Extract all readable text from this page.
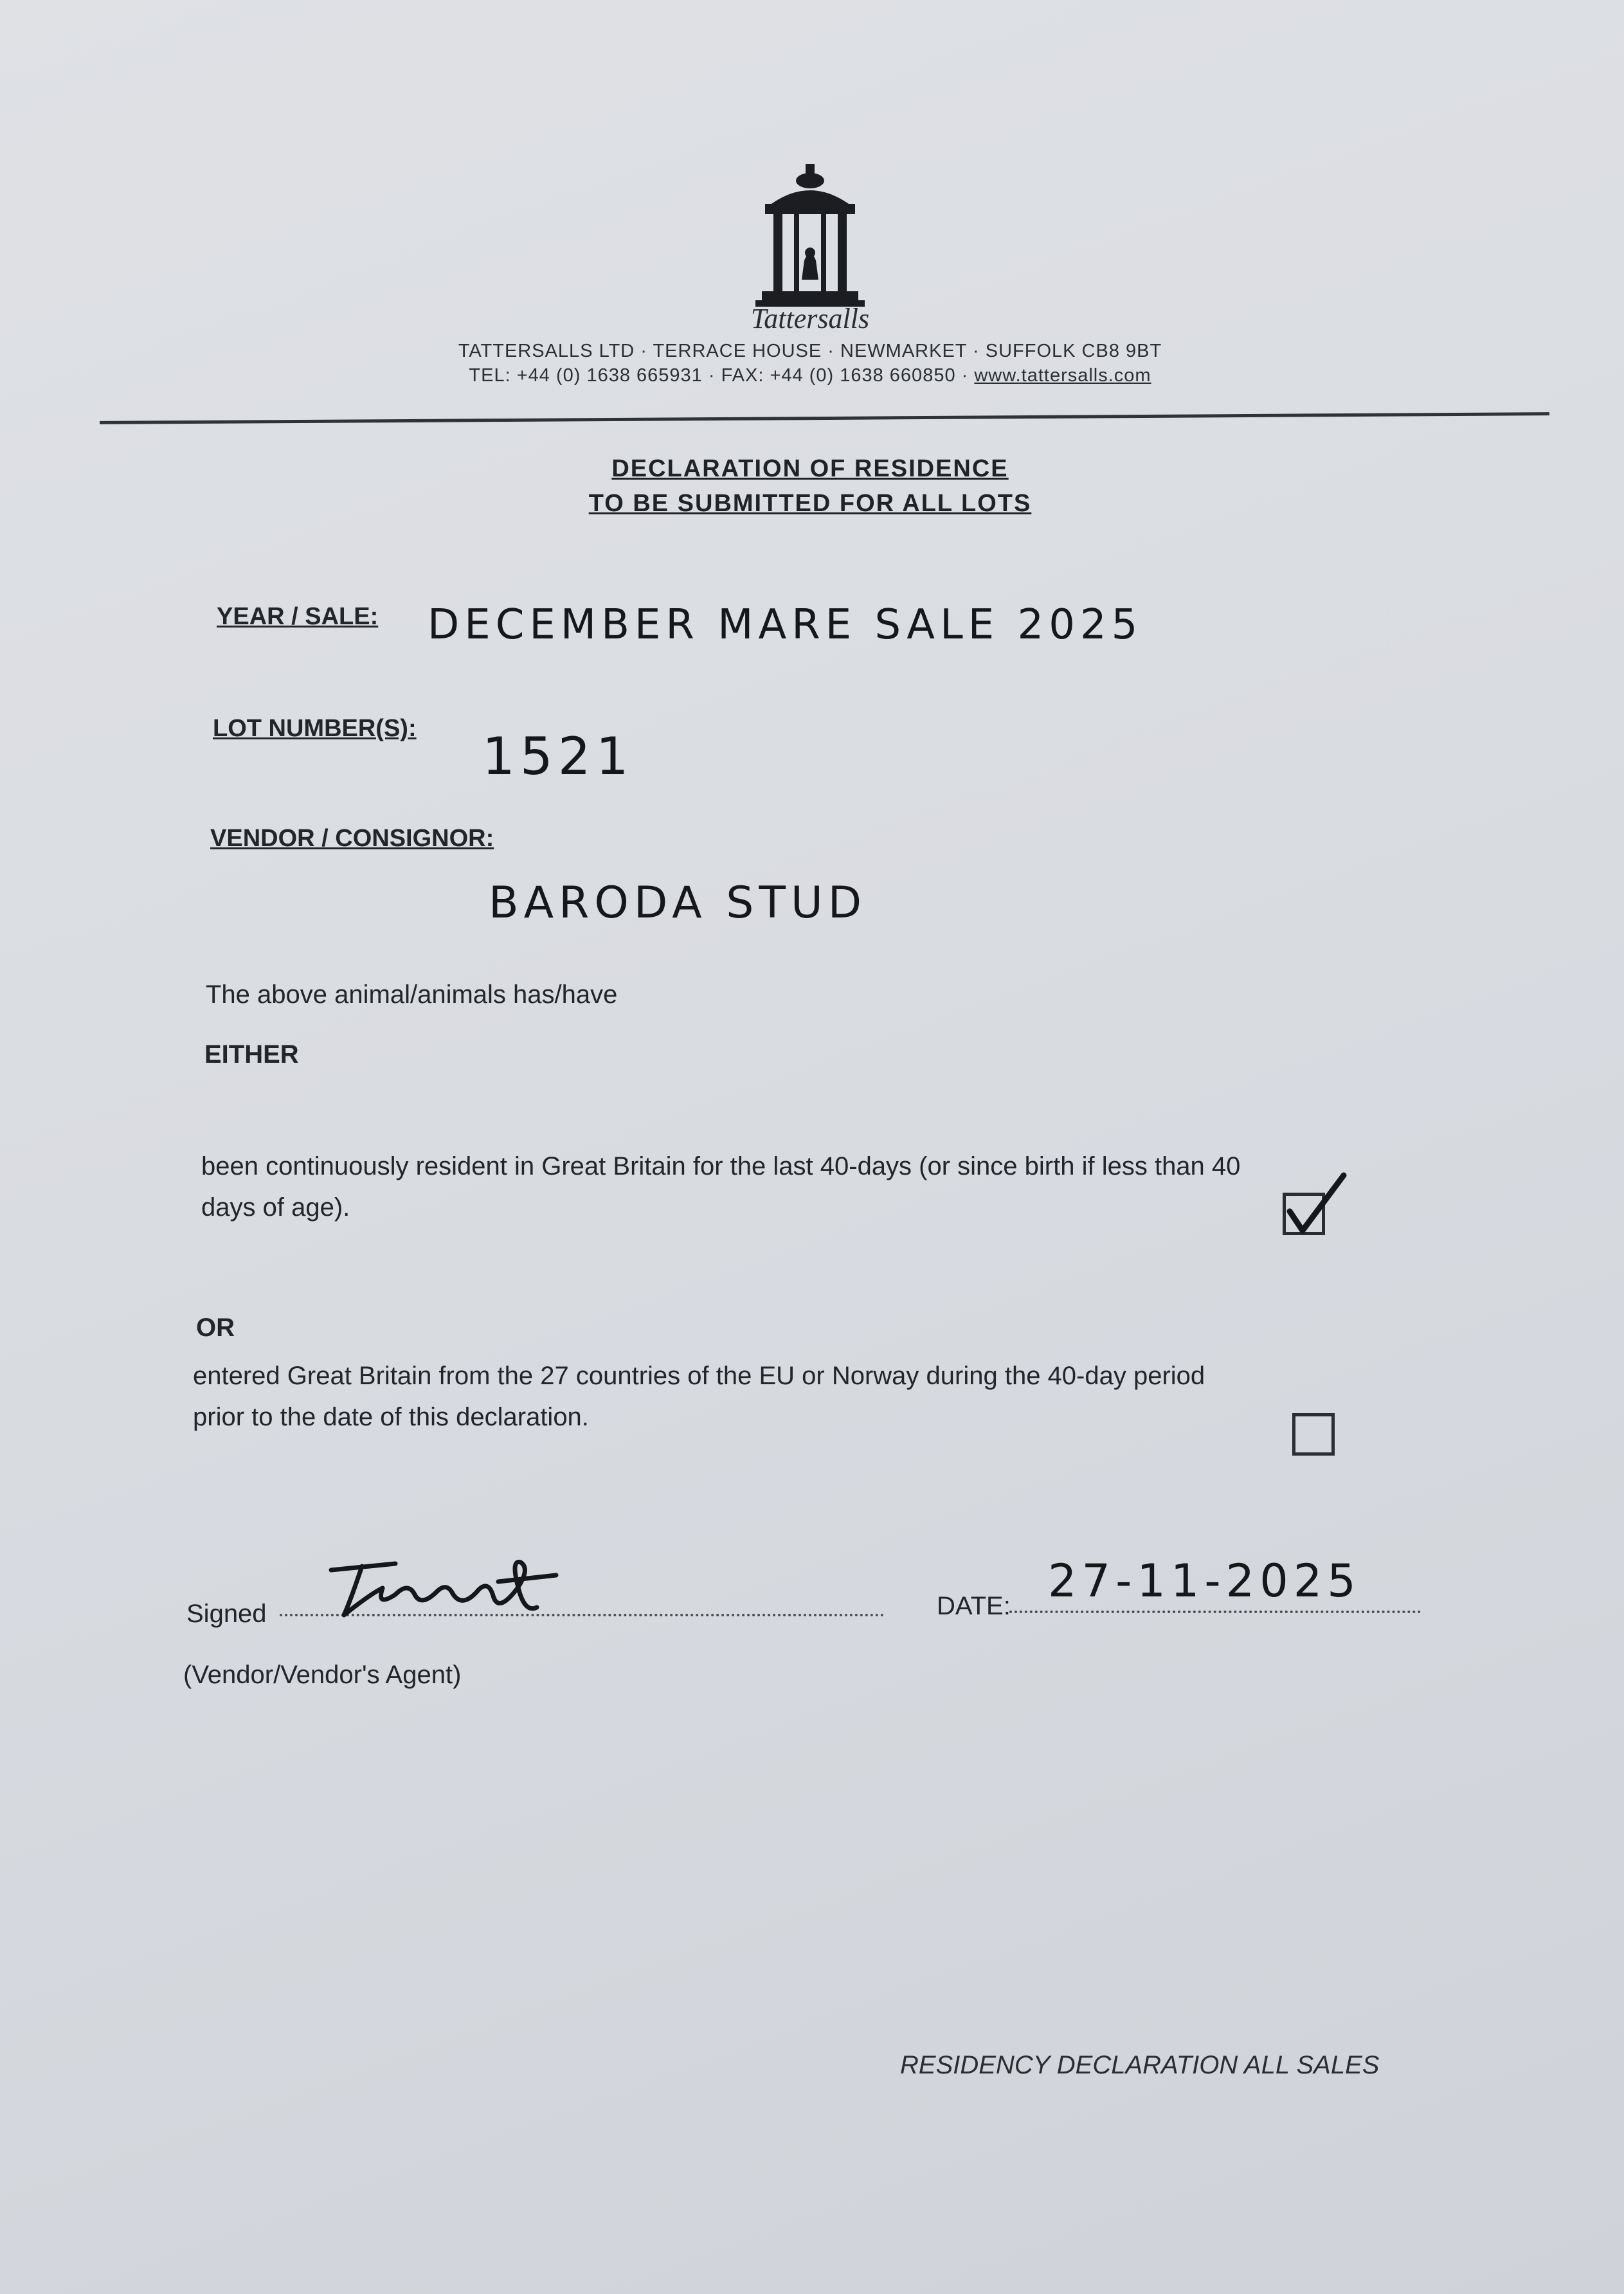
Tattersalls
TATTERSALLS LTD · TERRACE HOUSE · NEWMARKET · SUFFOLK CB8 9BT
TEL: +44 (0) 1638 665931 · FAX: +44 (0) 1638 660850 · www.tattersalls.com
DECLARATION OF RESIDENCE
TO BE SUBMITTED FOR ALL LOTS
YEAR / SALE: DECEMBER MARE SALE 2025
LOT NUMBER(S): 1521
VENDOR / CONSIGNOR:
BARODA STUD
The above animal/animals has/have
EITHER
been continuously resident in Great Britain for the last 40-days (or since birth if less than 40
days of age).
OR
entered Great Britain from the 27 countries of the EU or Norway during the 40-day period
prior to the date of this declaration.
Signed	DATE: 27-11-2025
(Vendor/Vendor's Agent)
RESIDENCY DECLARATION ALL SALES
